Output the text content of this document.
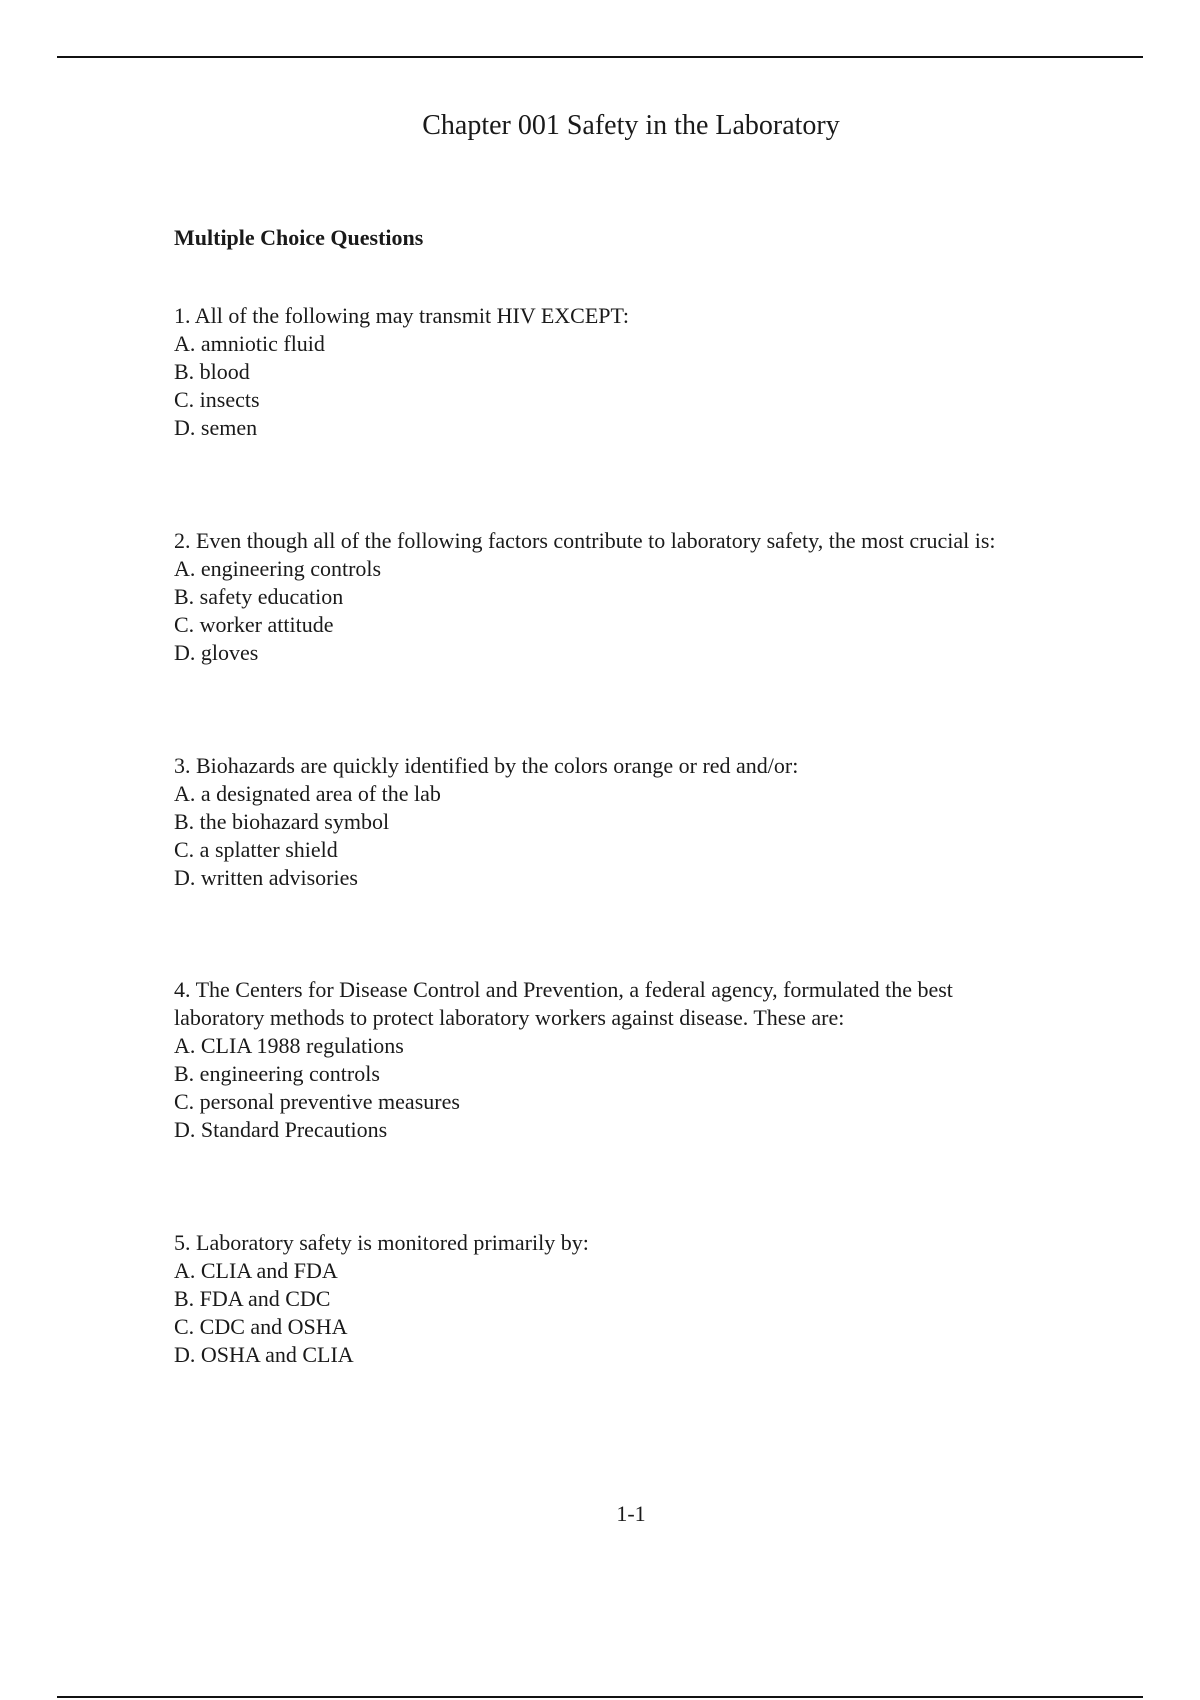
Chapter 001 Safety in the Laboratory
Multiple Choice Questions
1. All of the following may transmit HIV EXCEPT:
A. amniotic fluid
B. blood
C. insects
D. semen
2. Even though all of the following factors contribute to laboratory safety, the most crucial is:
A. engineering controls
B. safety education
C. worker attitude
D. gloves
3. Biohazards are quickly identified by the colors orange or red and/or:
A. a designated area of the lab
B. the biohazard symbol
C. a splatter shield
D. written advisories
4. The Centers for Disease Control and Prevention, a federal agency, formulated the best
laboratory methods to protect laboratory workers against disease. These are:
A. CLIA 1988 regulations
B. engineering controls
C. personal preventive measures
D. Standard Precautions
5. Laboratory safety is monitored primarily by:
A. CLIA and FDA
B. FDA and CDC
C. CDC and OSHA
D. OSHA and CLIA
1-1
